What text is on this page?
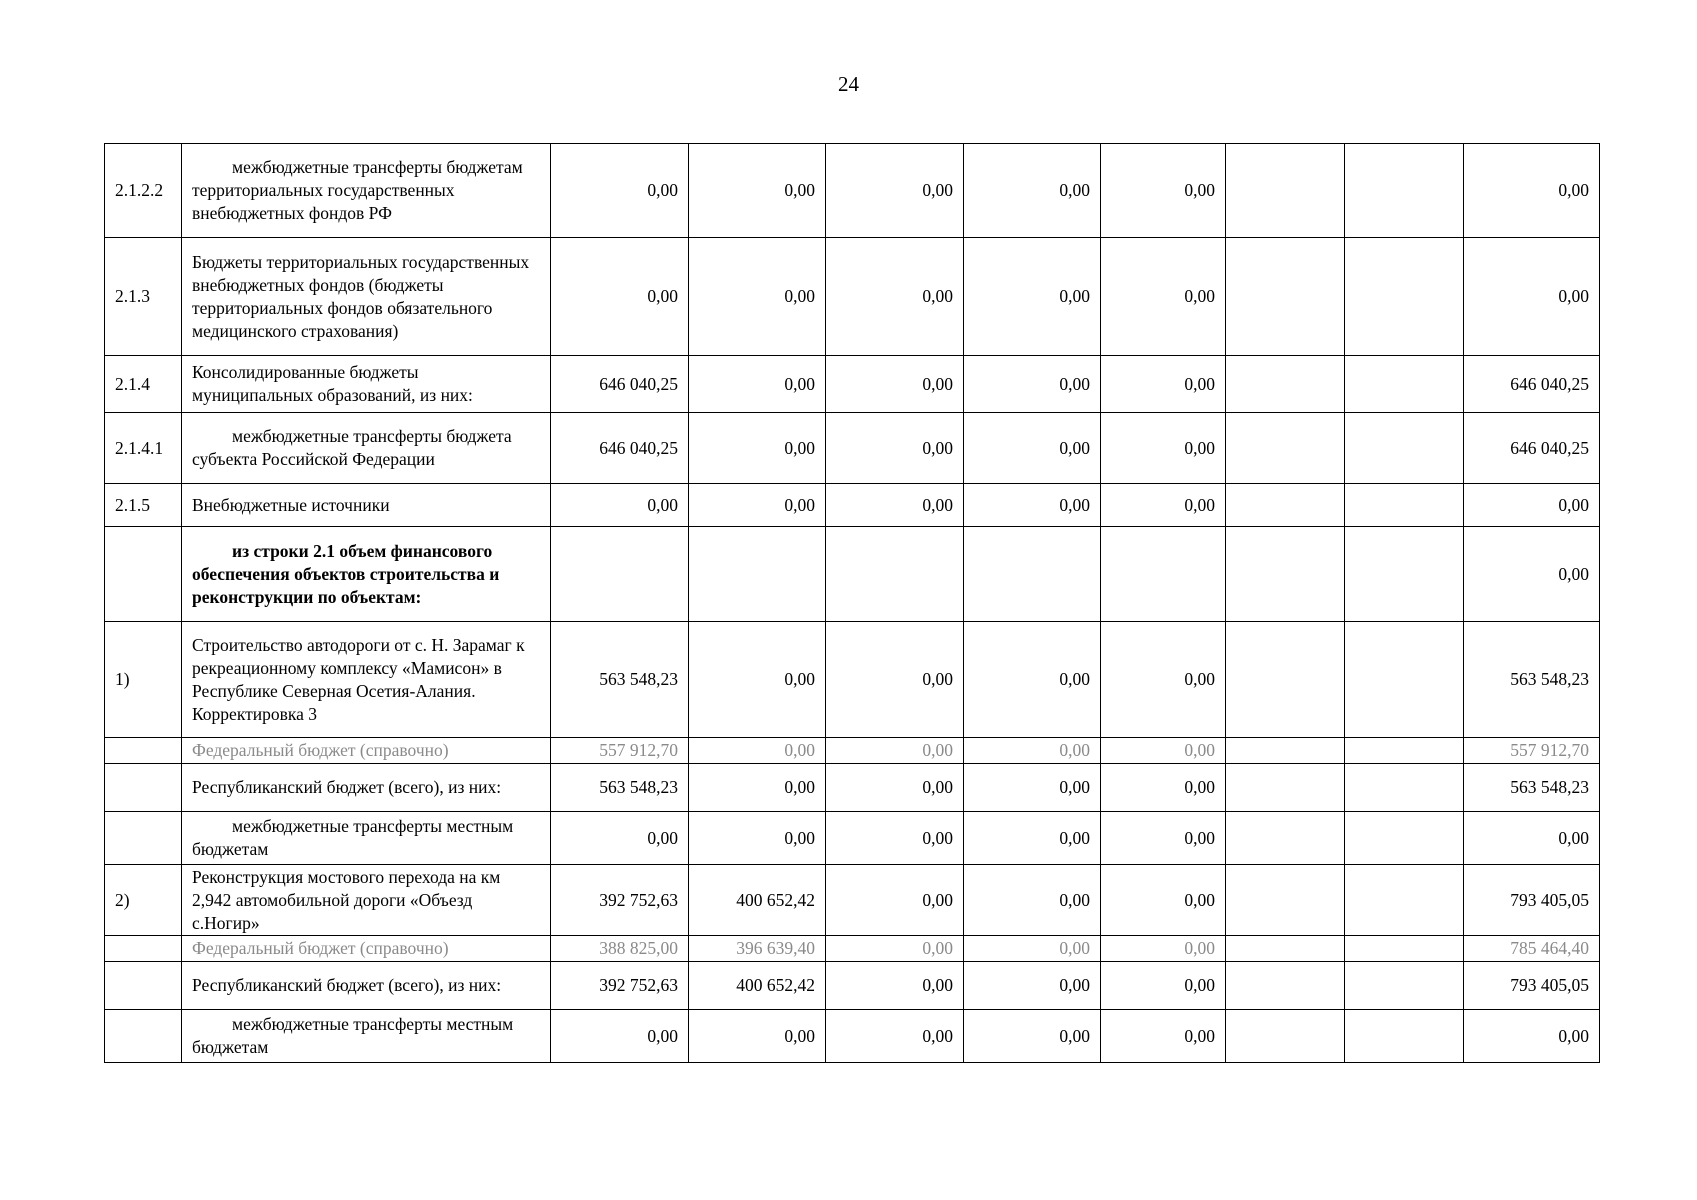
24
2.1.2.2	межбюджетные трансферты бюджетам территориальных государственных внебюджетных фондов РФ	0,00	0,00	0,00	0,00	0,00			0,00
2.1.3	Бюджеты территориальных государственных внебюджетных фондов (бюджеты территориальных фондов обязательного медицинского страхования)	0,00	0,00	0,00	0,00	0,00			0,00
2.1.4	Консолидированные бюджеты муниципальных образований, из них:	646 040,25	0,00	0,00	0,00	0,00			646 040,25
2.1.4.1	межбюджетные трансферты бюджета субъекта Российской Федерации	646 040,25	0,00	0,00	0,00	0,00			646 040,25
2.1.5	Внебюджетные источники	0,00	0,00	0,00	0,00	0,00			0,00
	из строки 2.1 объем финансового обеспечения объектов строительства и реконструкции по объектам:								0,00
1)	Строительство автодороги от с. Н. Зарамаг к рекреационному комплексу «Мамисон» в Республике Северная Осетия-Алания. Корректировка 3	563 548,23	0,00	0,00	0,00	0,00			563 548,23
	Федеральный бюджет (справочно)	557 912,70	0,00	0,00	0,00	0,00			557 912,70
	Республиканский бюджет (всего), из них:	563 548,23	0,00	0,00	0,00	0,00			563 548,23
	межбюджетные трансферты местным бюджетам	0,00	0,00	0,00	0,00	0,00			0,00
2)	Реконструкция мостового перехода на км 2,942 автомобильной дороги «Объезд с.Ногир»	392 752,63	400 652,42	0,00	0,00	0,00			793 405,05
	Федеральный бюджет (справочно)	388 825,00	396 639,40	0,00	0,00	0,00			785 464,40
	Республиканский бюджет (всего), из них:	392 752,63	400 652,42	0,00	0,00	0,00			793 405,05
	межбюджетные трансферты местным бюджетам	0,00	0,00	0,00	0,00	0,00			0,00
